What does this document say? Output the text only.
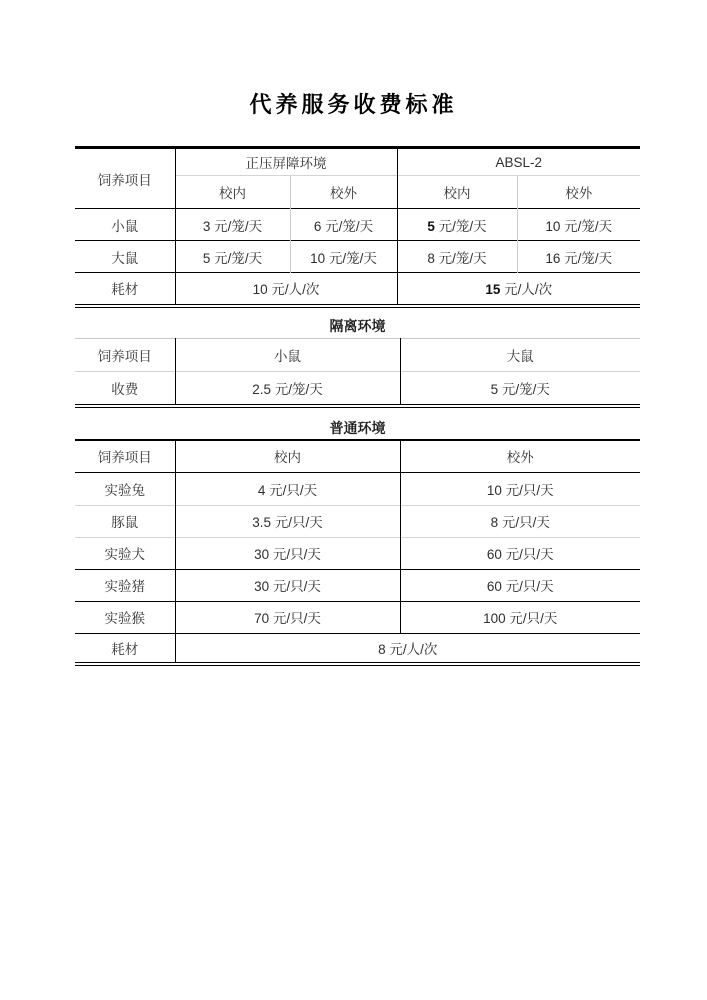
代养服务收费标准
饲养项目	正压屏障环境		ABSL-2	
	校内	校外	校内	校外
小鼠	3 元/笼/天	6 元/笼/天	5 元/笼/天	10 元/笼/天
大鼠	5 元/笼/天	10 元/笼/天	8 元/笼/天	16 元/笼/天
耗材	10 元/人/次		15 元/人/次	
隔离环境
饲养项目	小鼠	大鼠
收费	2.5 元/笼/天	5 元/笼/天
普通环境
饲养项目	校内	校外
实验兔	4 元/只/天	10 元/只/天
豚鼠	3.5 元/只/天	8 元/只/天
实验犬	30 元/只/天	60 元/只/天
实验猪	30 元/只/天	60 元/只/天
实验猴	70 元/只/天	100 元/只/天
耗材	8 元/人/次	
